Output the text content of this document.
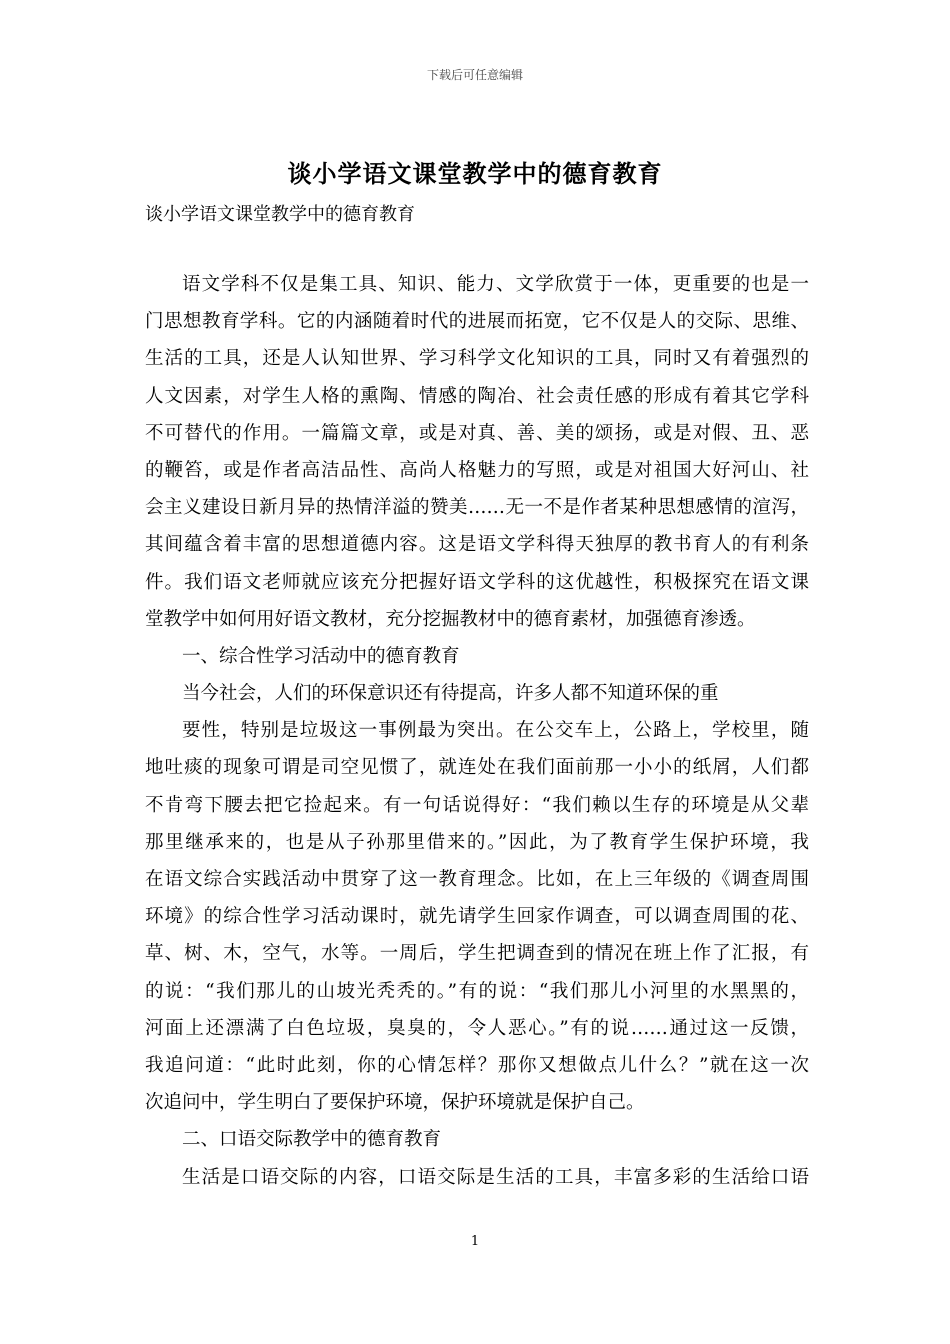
下载后可任意编辑
谈小学语文课堂教学中的德育教育
谈小学语文课堂教学中的德育教育
语文学科不仅是集工具、知识、能力、文学欣赏于一体，更重要的也是一
门思想教育学科。它的内涵随着时代的进展而拓宽，它不仅是人的交际、思维、
生活的工具，还是人认知世界、学习科学文化知识的工具，同时又有着强烈的
人文因素，对学生人格的熏陶、情感的陶冶、社会责任感的形成有着其它学科
不可替代的作用。一篇篇文章，或是对真、善、美的颂扬，或是对假、丑、恶
的鞭笞，或是作者高洁品性、高尚人格魅力的写照，或是对祖国大好河山、社
会主义建设日新月异的热情洋溢的赞美……无一不是作者某种思想感情的渲泻，
其间蕴含着丰富的思想道德内容。这是语文学科得天独厚的教书育人的有利条
件。我们语文老师就应该充分把握好语文学科的这优越性，积极探究在语文课
堂教学中如何用好语文教材，充分挖掘教材中的德育素材，加强德育渗透。
一、综合性学习活动中的德育教育
当今社会，人们的环保意识还有待提高，许多人都不知道环保的重
要性，特别是垃圾这一事例最为突出。在公交车上，公路上，学校里，随
地吐痰的现象可谓是司空见惯了，就连处在我们面前那一小小的纸屑，人们都
不肯弯下腰去把它捡起来。有一句话说得好：“我们赖以生存的环境是从父辈
那里继承来的，也是从子孙那里借来的。”因此，为了教育学生保护环境，我
在语文综合实践活动中贯穿了这一教育理念。比如，在上三年级的《调查周围
环境》的综合性学习活动课时，就先请学生回家作调查，可以调查周围的花、
草、树、木，空气，水等。一周后，学生把调查到的情况在班上作了汇报，有
的说：“我们那儿的山坡光秃秃的。”有的说：“我们那儿小河里的水黑黑的，
河面上还漂满了白色垃圾，臭臭的，令人恶心。”有的说……通过这一反馈，
我追问道：“此时此刻，你的心情怎样？那你又想做点儿什么？”就在这一次
次追问中，学生明白了要保护环境，保护环境就是保护自己。
二、口语交际教学中的德育教育
生活是口语交际的内容，口语交际是生活的工具，丰富多彩的生活给口语
1
